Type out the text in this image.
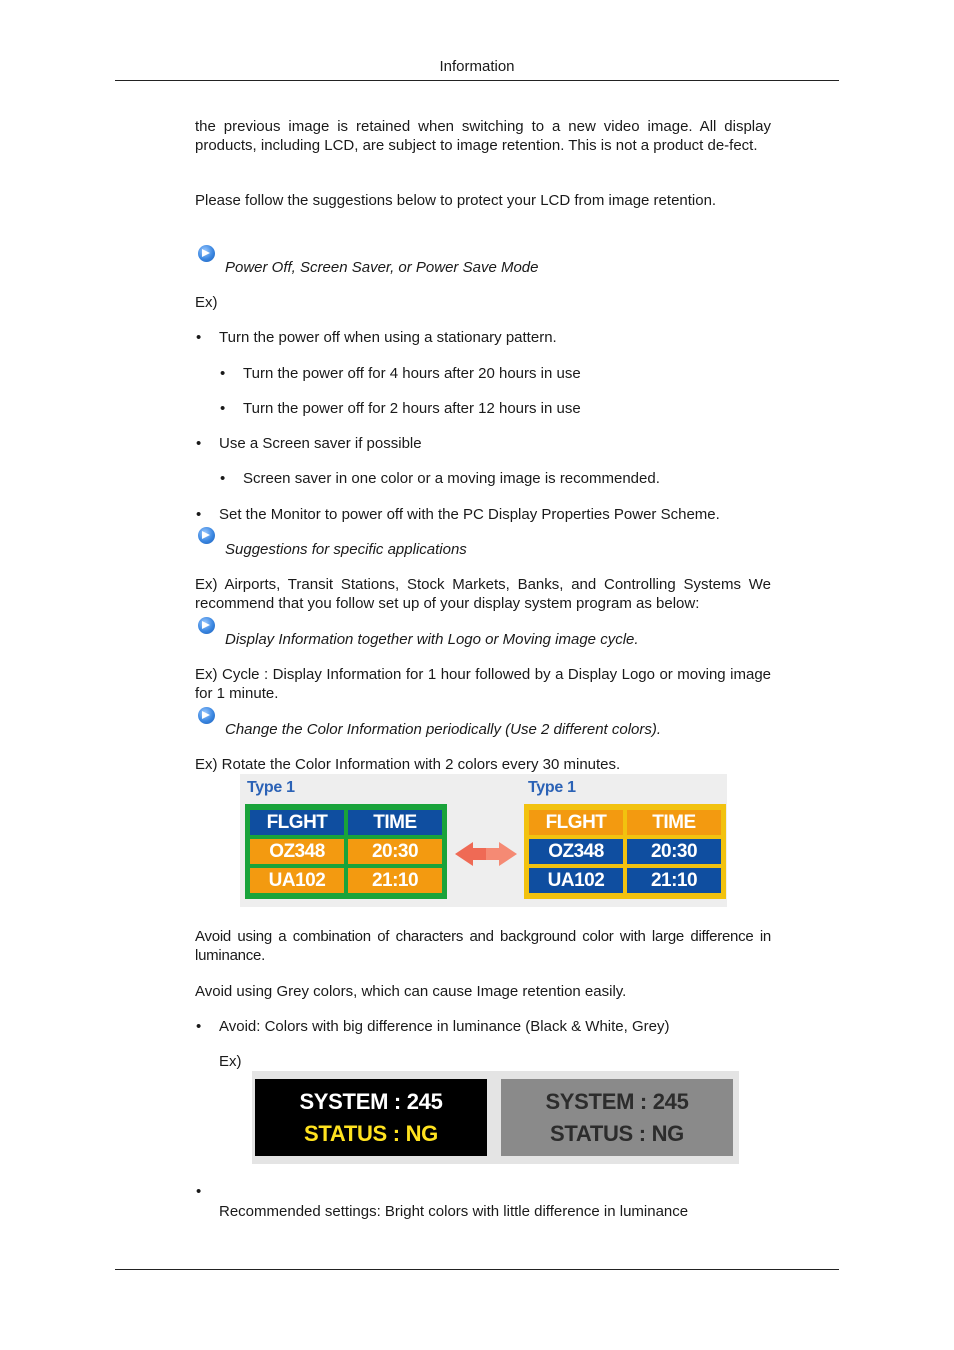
Information
the previous image is retained when switching to a new video image. All display products, including LCD, are subject to image retention. This is not a product de-fect.
Please follow the suggestions below to protect your LCD from image retention.
Power Off, Screen Saver, or Power Save Mode
Ex)
• Turn the power off when using a stationary pattern.
• Turn the power off for 4 hours after 20 hours in use
• Turn the power off for 2 hours after 12 hours in use
• Use a Screen saver if possible
• Screen saver in one color or a moving image is recommended.
• Set the Monitor to power off with the PC Display Properties Power Scheme.
Suggestions for specific applications
Ex) Airports, Transit Stations, Stock Markets, Banks, and Controlling Systems We recommend that you follow set up of your display system program as below:
Display Information together with Logo or Moving image cycle.
Ex) Cycle : Display Information for 1 hour followed by a Display Logo or moving image for 1 minute.
Change the Color Information periodically (Use 2 different colors).
Ex) Rotate the Color Information with 2 colors every 30 minutes.
Type 1	Type 1
FLGHT	TIME
OZ348	20:30
UA102	21:10
FLGHT	TIME
OZ348	20:30
UA102	21:10
Avoid using a combination of characters and background color with large difference in luminance.
Avoid using Grey colors, which can cause Image retention easily.
• Avoid: Colors with big difference in luminance (Black & White, Grey)
Ex)
SYSTEM : 245
STATUS : NG
SYSTEM : 245
STATUS : NG
•
Recommended settings: Bright colors with little difference in luminance
